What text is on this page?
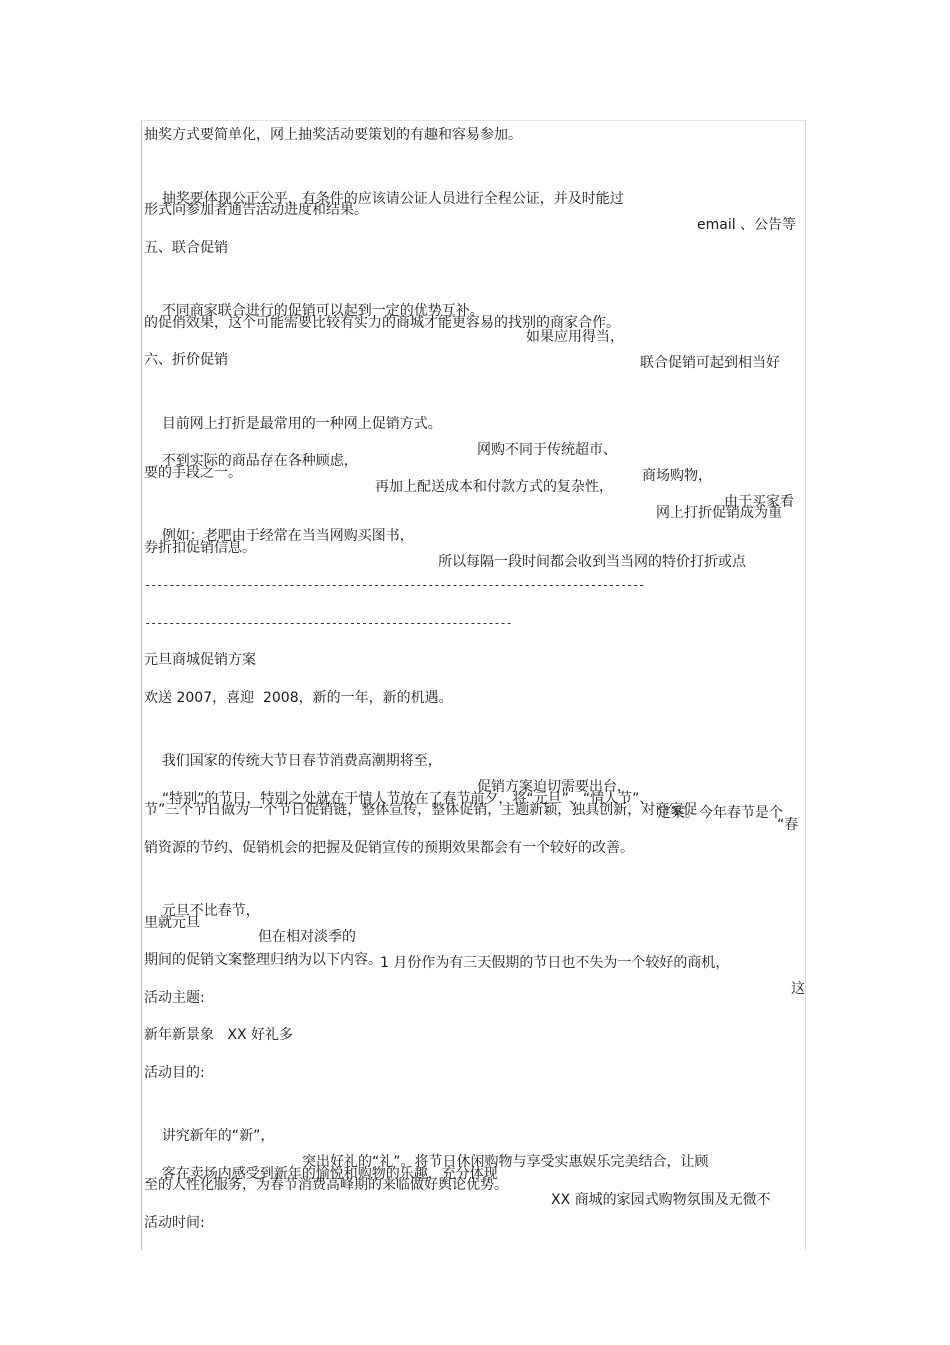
抽奖方式要简单化，网上抽奖活动要策划的有趣和容易参加。

抽奖要体现公正公平，有条件的应该请公证人员进行全程公证，并及时能过

email 、公告等

形式向参加者通告活动进度和结果。
五、联合促销

不同商家联合进行的促销可以起到一定的优势互补。

如果应用得当，

联合促销可起到相当好

的促俏效果，这个可能需要比较有实力的商城才能更容易的找别的商家合作。
六、折价促销

目前网上打折是最常用的一种网上促销方式。

网购不同于传统超市、

商场购物，

由于买家看

不到实际的商品存在各种顾虑，

再加上配送成本和付款方式的复杂性，

网上打折促销成为重

要的手段之一。

例如：老吧由于经常在当当网购买图书，

所以每隔一段时间都会收到当当网的特价打折或点

券折扣促销信息。
-----------------------------------------------------------------------------------
-------------------------------------------------------------
元旦商城促销方案
欢送 2007，喜迎  2008，新的一年，新的机遇。

我们国家的传统大节日春节消费高潮期将至，

促销方案迫切需要出台，

定案。今年春节是个

“特别”的节日，特别之处就在于情人节放在了春节前夕，将“元旦”、“情人节”、

“春

节”三个节日做为一个节日促销链，整体宣传，整体促销，主题新颖，独具创新，对商家促
销资源的节约、促销机会的把握及促销宣传的预期效果都会有一个较好的改善。

元旦不比春节，

但在相对淡季的

1 月份作为有三天假期的节日也不失为一个较好的商机，

这

里就元旦
期间的促销文案整理归纳为以下内容。
活动主题:
新年新景象   XX 好礼多
活动目的:

讲究新年的“新”，

突出好礼的“礼”。将节日休闲购物与享受实惠娱乐完美结合，让顾

客在卖场内感受到新年的愉悦和购物的乐趣，充分体现

XX 商城的家园式购物氛围及无微不

至的人性化服务，为春节消费高峰期的来临做好舆论优势。
活动时间:
